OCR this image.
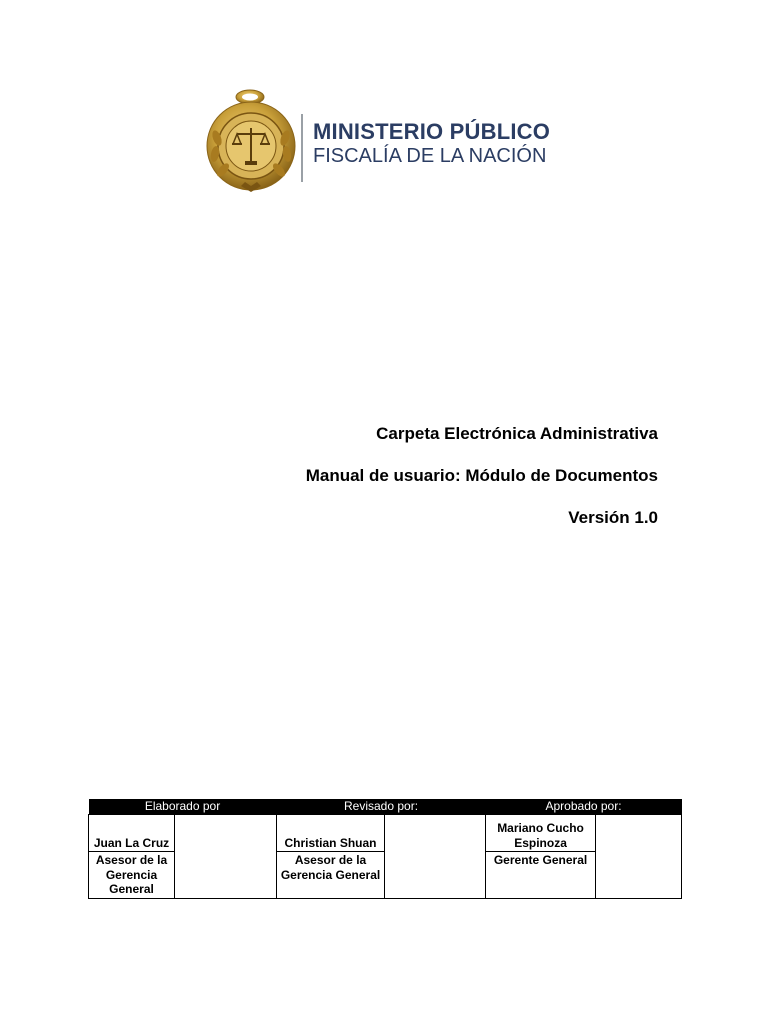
MINISTERIO PÚBLICO
FISCALÍA DE LA NACIÓN
Carpeta Electrónica Administrativa
Manual de usuario: Módulo de Documentos
Versión 1.0
Elaborado por		Revisado por:		Aprobado por:	
Juan La Cruz		Christian Shuan		Mariano Cucho Espinoza	
Asesor de la Gerencia General		Asesor de la Gerencia General		Gerente General	
